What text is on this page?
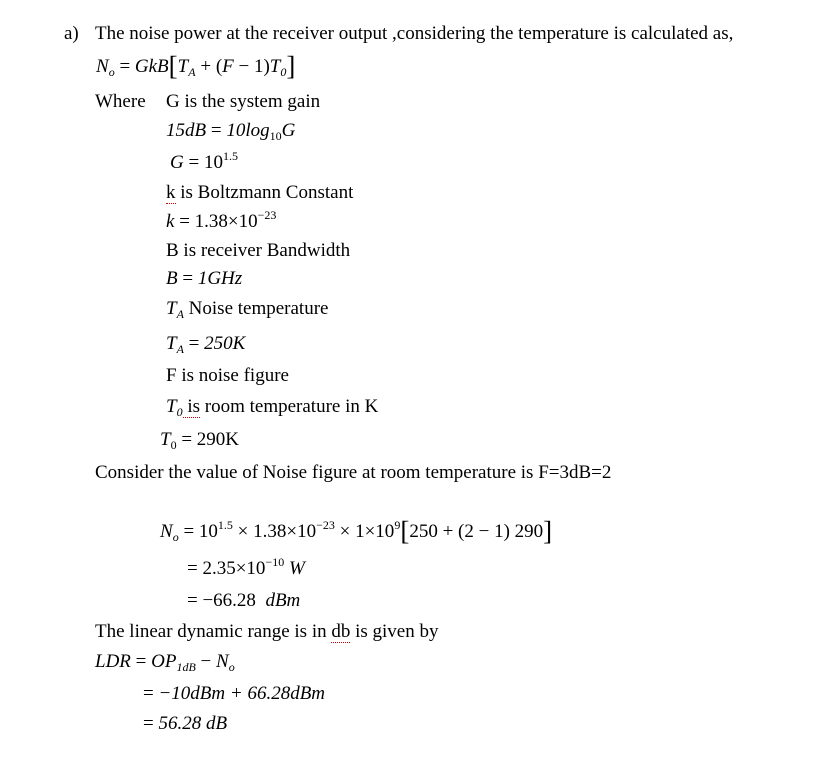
a) The noise power at the receiver output ,considering the temperature is calculated as,
$N_o = GkB[T_A + (F - 1)T_0]$
Where G is the system gain
$15dB = 10\log_{10}G$
$G = 10^{1.5}$
k is Boltzmann Constant
$k = 1.38\times 10^{-23}$
B is receiver Bandwidth
B = 1GHz
$T_A$ Noise temperature
$T_A = 250K$
F is noise figure
$T_0$ is room temperature in K
$T_0 = 290K$
Consider the value of Noise figure at room temperature is F=3dB=2
$N_o = 10^{1.5} \times 1.38\times 10^{-23} \times 1\times 10^9[250 + (2 - 1)$ 290]
= $2.35\times 10^{-10}$ W
= −66.28  dBm
The linear dynamic range is in db is given by
LDR = $OP_{1dB} - N_o$
= −10dBm + 66.28dBm
= 56.28 dB
